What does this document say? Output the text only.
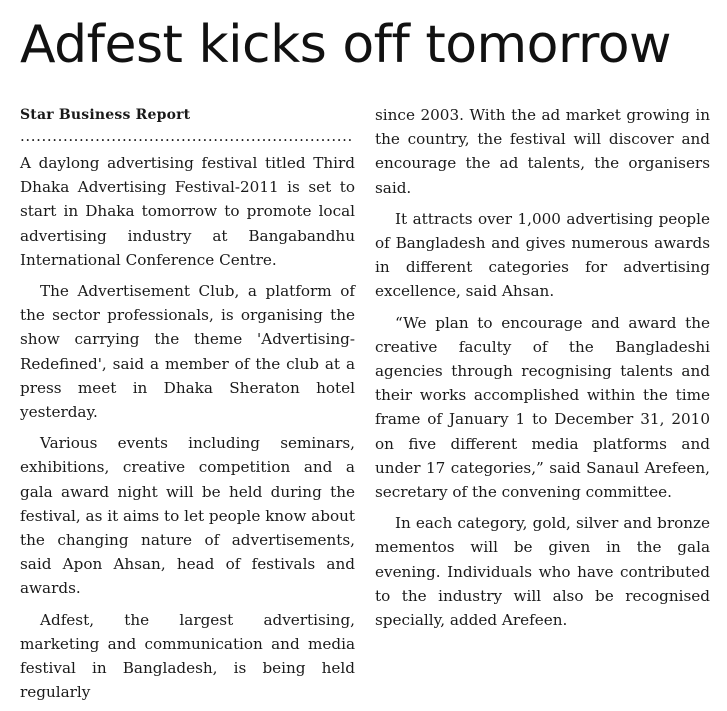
Adfest kicks off tomorrow
Star Business Report
..............................................................

A daylong advertising festival titled Third Dhaka Advertising Festival-2011 is set to start in Dhaka tomorrow to promote local advertising industry at Bangabandhu International Conference Centre.

The Advertisement Club, a platform of the sector professionals, is organising the show carrying the theme 'Advertising- Redefined', said a member of the club at a press meet in Dhaka Sheraton hotel yesterday.

Various events including seminars, exhibitions, creative competition and a gala award night will be held during the festival, as it aims to let people know about the changing nature of advertisements, said Apon Ahsan, head of festivals and awards.

Adfest, the largest advertising, marketing and communication and media festival in Bangladesh, is being held regularly

since 2003. With the ad market growing in the country, the festival will discover and encourage the ad talents, the organisers said.

It attracts over 1,000 advertising people of Bangladesh and gives numerous awards in different categories for advertising excellence, said Ahsan.

“We plan to encourage and award the creative faculty of the Bangladeshi agencies through recognising talents and their works accomplished within the time frame of January 1 to December 31, 2010 on five different media platforms and under 17 categories,” said Sanaul Arefeen, secretary of the convening committee.

In each category, gold, silver and bronze mementos will be given in the gala evening. Individuals who have contributed to the industry will also be recognised specially, added Arefeen.
